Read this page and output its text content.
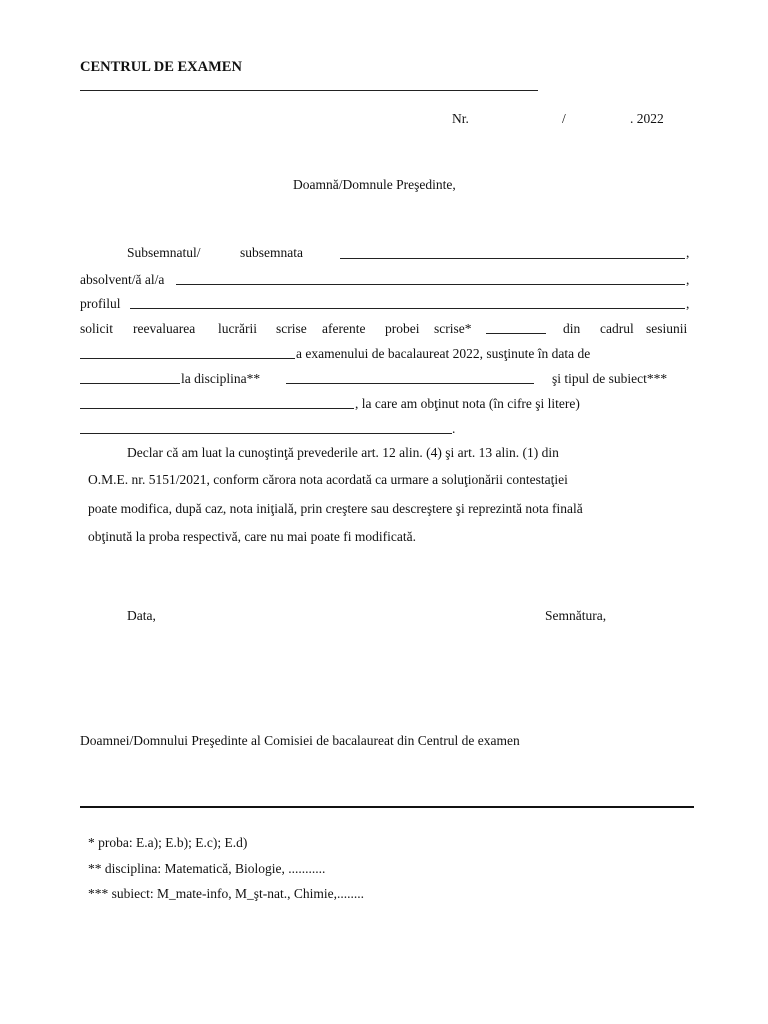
CENTRUL DE EXAMEN
Nr.	/	. 2022
Doamnă/Domnule Preşedinte,
Subsemnatul/	subsemnata	,
absolvent/ă al/a	,
profilul	,
solicit reevaluarea lucrării scrise aferente probei scrise*	din cadrul sesiunii
a examenului de bacalaureat 2022, susţinute în data de
la disciplina**	şi tipul de subiect***
, la care am obţinut nota (în cifre şi litere)
.
Declar că am luat la cunoştinţă prevederile art. 12 alin. (4) şi art. 13 alin. (1) din
O.M.E. nr. 5151/2021, conform cărora nota acordată ca urmare a soluţionării contestaţiei
poate modifica, după caz, nota iniţială, prin creştere sau descreştere şi reprezintă nota finală
obţinută la proba respectivă, care nu mai poate fi modificată.
Data,	Semnătura,
Doamnei/Domnului Preşedinte al Comisiei de bacalaureat din Centrul de examen
* proba: E.a); E.b); E.c); E.d)
** disciplina: Matematică, Biologie, ...........
*** subiect: M_mate-info, M_şt-nat., Chimie,........
